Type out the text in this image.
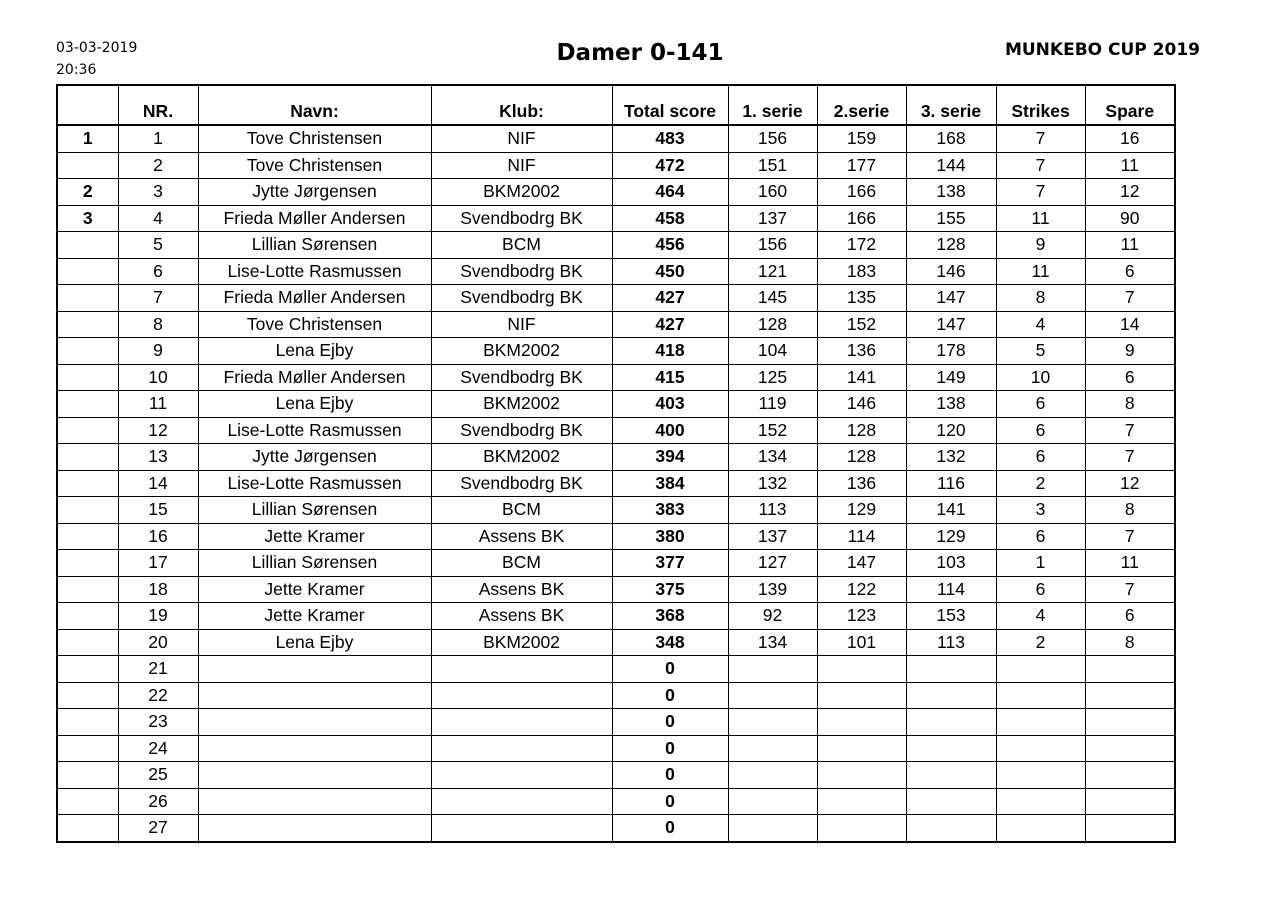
03-03-2019
20:36
Damer 0-141	MUNKEBO CUP 2019
	NR.	Navn:	Klub:	Total score	1. serie	2.serie	3. serie	Strikes	Spare
1	1	Tove Christensen	NIF	483	156	159	168	7	16
	2	Tove Christensen	NIF	472	151	177	144	7	11
2	3	Jytte Jørgensen	BKM2002	464	160	166	138	7	12
3	4	Frieda Møller Andersen	Svendbodrg BK	458	137	166	155	11	90
	5	Lillian Sørensen	BCM	456	156	172	128	9	11
	6	Lise-Lotte Rasmussen	Svendbodrg BK	450	121	183	146	11	6
	7	Frieda Møller Andersen	Svendbodrg BK	427	145	135	147	8	7
	8	Tove Christensen	NIF	427	128	152	147	4	14
	9	Lena Ejby	BKM2002	418	104	136	178	5	9
	10	Frieda Møller Andersen	Svendbodrg BK	415	125	141	149	10	6
	11	Lena Ejby	BKM2002	403	119	146	138	6	8
	12	Lise-Lotte Rasmussen	Svendbodrg BK	400	152	128	120	6	7
	13	Jytte Jørgensen	BKM2002	394	134	128	132	6	7
	14	Lise-Lotte Rasmussen	Svendbodrg BK	384	132	136	116	2	12
	15	Lillian Sørensen	BCM	383	113	129	141	3	8
	16	Jette Kramer	Assens BK	380	137	114	129	6	7
	17	Lillian Sørensen	BCM	377	127	147	103	1	11
	18	Jette Kramer	Assens BK	375	139	122	114	6	7
	19	Jette Kramer	Assens BK	368	92	123	153	4	6
	20	Lena Ejby	BKM2002	348	134	101	113	2	8
	21			0					
	22			0					
	23			0					
	24			0					
	25			0					
	26			0					
	27			0					
